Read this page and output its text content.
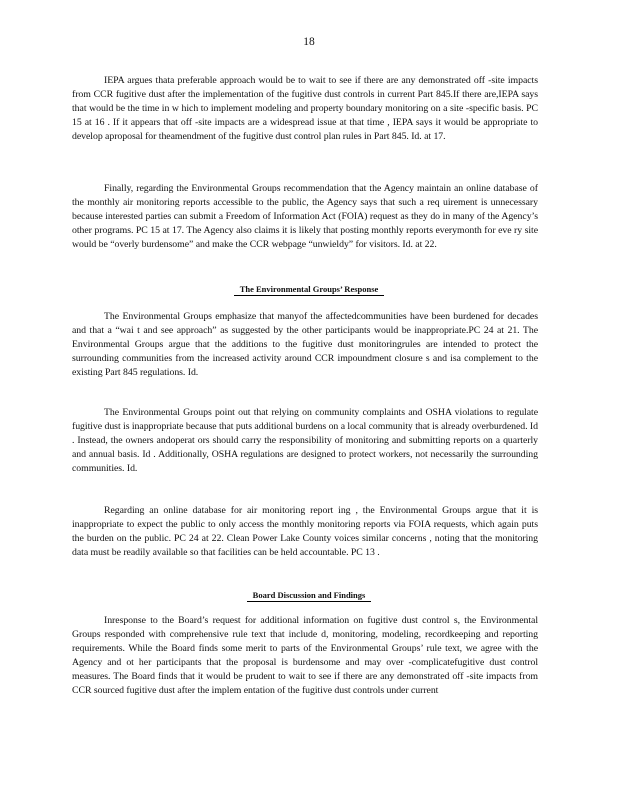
18

IEPA argues thata preferable approach would be to wait to see if there are any demonstrated off -site impacts from CCR fugitive dust after the implementation of the fugitive dust controls in current Part 845.If there are,IEPA says that would be the time in w hich to implement modeling and property boundary monitoring on a site -specific basis. PC 15 at 16 . If it appears that off -site impacts are a widespread issue at that time , IEPA says it would be appropriate to develop aproposal for theamendment of the fugitive dust control plan rules in Part 845. Id. at 17.

Finally, regarding the Environmental Groups recommendation that the Agency maintain an online database of the monthly air monitoring reports accessible to the public, the Agency says that such a req uirement is unnecessary because interested parties can submit a Freedom of Information Act (FOIA) request as they do in many of the Agency’s other programs. PC 15 at 17. The Agency also claims it is likely that posting monthly reports everymonth for eve ry site would be “overly burdensome” and make the CCR webpage “unwieldy” for visitors. Id. at 22.

The Environmental Groups’ Response

The Environmental Groups emphasize that manyof the affectedcommunities have been burdened for decades and that a “wai t and see approach” as suggested by the other participants would be inappropriate.PC 24 at 21. The Environmental Groups argue that the additions to the fugitive dust monitoringrules are intended to protect the surrounding communities from the increased activity around CCR impoundment closure s and isa complement to the existing Part 845 regulations. Id.

The Environmental Groups point out that relying on community complaints and OSHA violations to regulate fugitive dust is inappropriate because that puts additional burdens on a local community that is already overburdened. Id . Instead, the owners andoperat ors should carry the responsibility of monitoring and submitting reports on a quarterly and annual basis. Id . Additionally, OSHA regulations are designed to protect workers, not necessarily the surrounding communities. Id.

Regarding an online database for air monitoring report ing , the Environmental Groups argue that it is inappropriate to expect the public to only access the monthly monitoring reports via FOIA requests, which again puts the burden on the public. PC 24 at 22. Clean Power Lake County voices similar concerns , noting that the monitoring data must be readily available so that facilities can be held accountable. PC 13 .

Board Discussion and Findings

Inresponse to the Board’s request for additional information on fugitive dust control s, the Environmental Groups responded with comprehensive rule text that include d, monitoring, modeling, recordkeeping and reporting requirements. While the Board finds some merit to parts of the Environmental Groups’ rule text, we agree with the Agency and ot her participants that the proposal is burdensome and may over -complicatefugitive dust control measures. The Board finds that it would be prudent to wait to see if there are any demonstrated off -site impacts from CCR sourced fugitive dust after the implem entation of the fugitive dust controls under current
